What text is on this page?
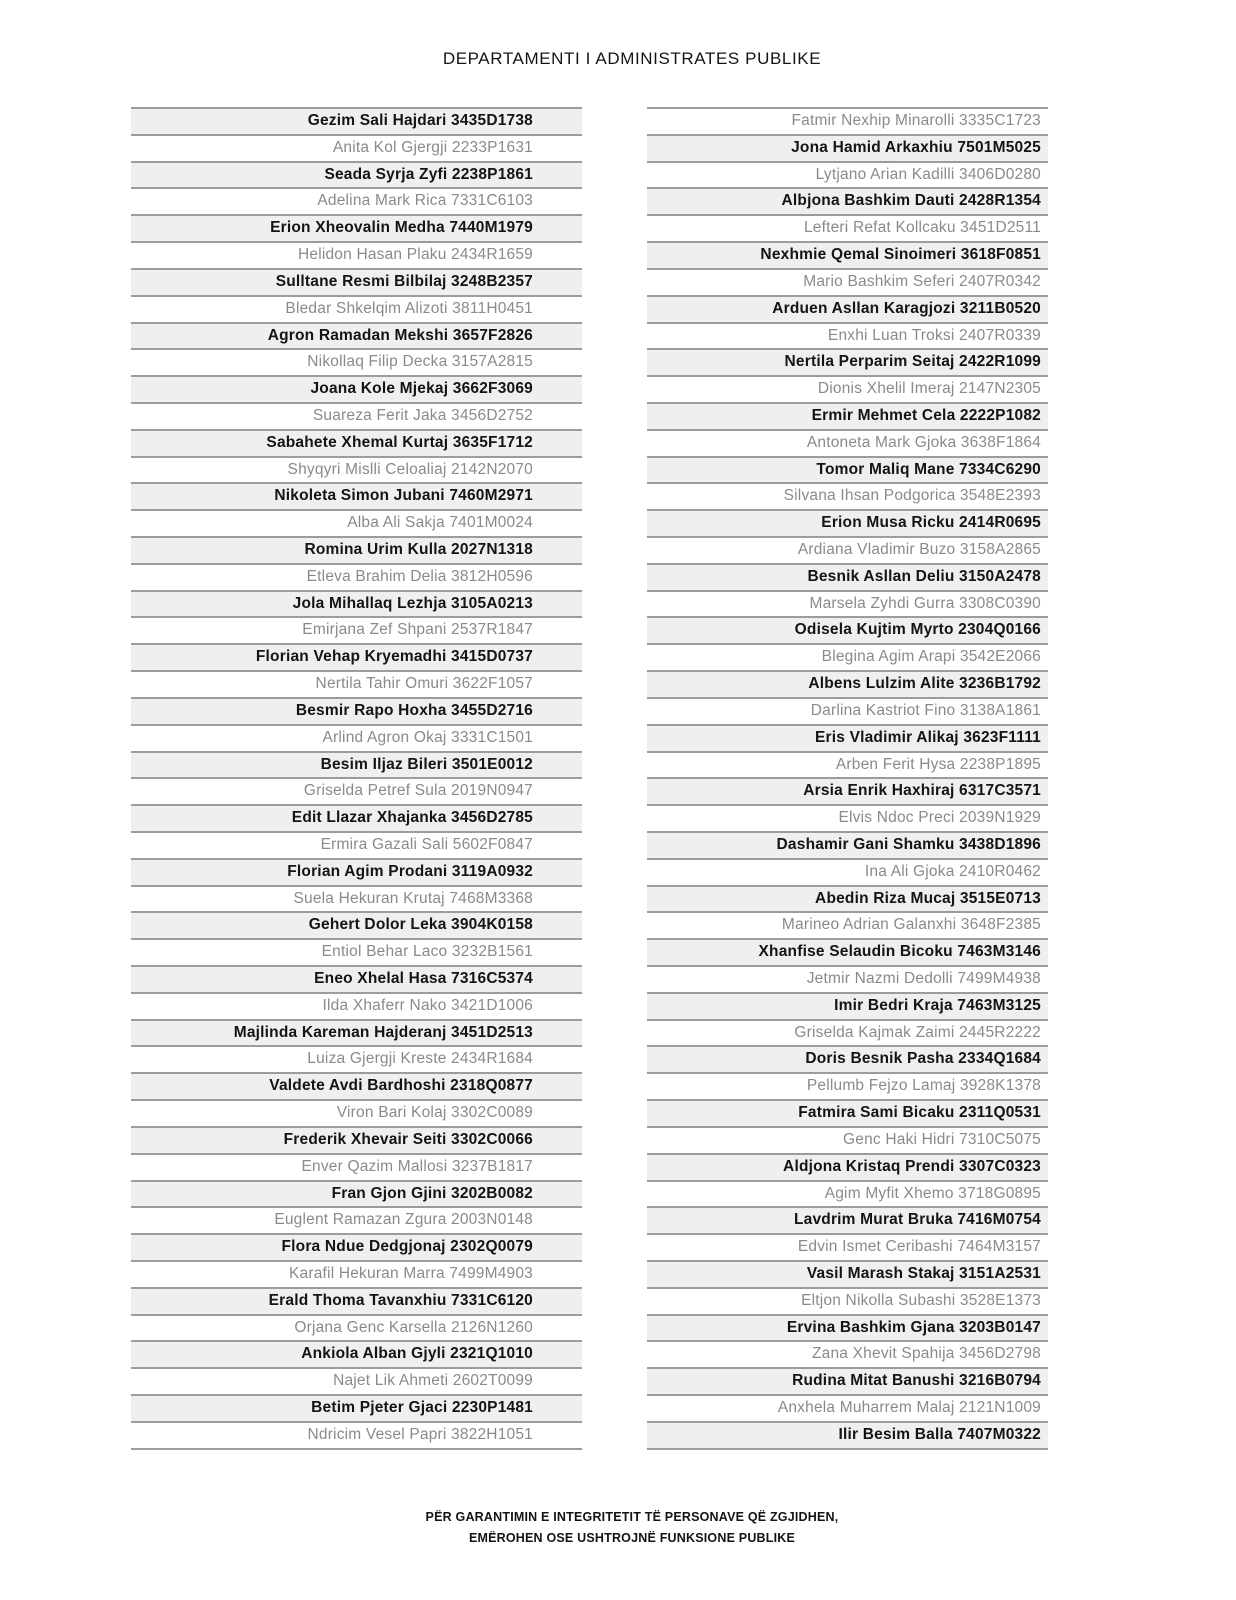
DEPARTAMENTI I ADMINISTRATES PUBLIKE
Gezim Sali Hajdari 3435D1738
Anita Kol Gjergji 2233P1631
Seada Syrja Zyfi 2238P1861
Adelina Mark Rica 7331C6103
Erion Xheovalin Medha 7440M1979
Helidon Hasan Plaku 2434R1659
Sulltane Resmi Bilbilaj 3248B2357
Bledar Shkelqim Alizoti 3811H0451
Agron Ramadan Mekshi 3657F2826
Nikollaq Filip Decka 3157A2815
Joana Kole Mjekaj 3662F3069
Suareza Ferit Jaka 3456D2752
Sabahete Xhemal Kurtaj 3635F1712
Shyqyri Mislli Celoaliaj 2142N2070
Nikoleta Simon Jubani 7460M2971
Alba Ali Sakja 7401M0024
Romina Urim Kulla 2027N1318
Etleva Brahim Delia 3812H0596
Jola Mihallaq Lezhja 3105A0213
Emirjana Zef Shpani 2537R1847
Florian Vehap Kryemadhi 3415D0737
Nertila Tahir Omuri 3622F1057
Besmir Rapo Hoxha 3455D2716
Arlind Agron Okaj 3331C1501
Besim Iljaz Bileri 3501E0012
Griselda Petref Sula 2019N0947
Edit Llazar Xhajanka 3456D2785
Ermira Gazali Sali 5602F0847
Florian Agim Prodani 3119A0932
Suela Hekuran Krutaj 7468M3368
Gehert Dolor Leka 3904K0158
Entiol Behar Laco 3232B1561
Eneo Xhelal Hasa 7316C5374
Ilda Xhaferr Nako 3421D1006
Majlinda Kareman Hajderanj 3451D2513
Luiza Gjergji Kreste 2434R1684
Valdete Avdi Bardhoshi 2318Q0877
Viron Bari Kolaj 3302C0089
Frederik Xhevair Seiti 3302C0066
Enver Qazim Mallosi 3237B1817
Fran Gjon Gjini 3202B0082
Euglent Ramazan Zgura 2003N0148
Flora Ndue Dedgjonaj 2302Q0079
Karafil Hekuran Marra 7499M4903
Erald Thoma Tavanxhiu 7331C6120
Orjana Genc Karsella 2126N1260
Ankiola Alban Gjyli 2321Q1010
Najet Lik Ahmeti 2602T0099
Betim Pjeter Gjaci 2230P1481
Ndricim Vesel Papri 3822H1051
Fatmir Nexhip Minarolli 3335C1723
Jona Hamid Arkaxhiu 7501M5025
Lytjano Arian Kadilli 3406D0280
Albjona Bashkim Dauti 2428R1354
Lefteri Refat Kollcaku 3451D2511
Nexhmie Qemal Sinoimeri 3618F0851
Mario Bashkim Seferi 2407R0342
Arduen Asllan Karagjozi 3211B0520
Enxhi Luan Troksi 2407R0339
Nertila Perparim Seitaj 2422R1099
Dionis Xhelil Imeraj 2147N2305
Ermir Mehmet Cela 2222P1082
Antoneta Mark Gjoka 3638F1864
Tomor Maliq Mane 7334C6290
Silvana Ihsan Podgorica 3548E2393
Erion Musa Ricku 2414R0695
Ardiana Vladimir Buzo 3158A2865
Besnik Asllan Deliu 3150A2478
Marsela Zyhdi Gurra 3308C0390
Odisela Kujtim Myrto 2304Q0166
Blegina Agim Arapi 3542E2066
Albens Lulzim Alite 3236B1792
Darlina Kastriot Fino 3138A1861
Eris Vladimir Alikaj 3623F1111
Arben Ferit Hysa 2238P1895
Arsia Enrik Haxhiraj 6317C3571
Elvis Ndoc Preci 2039N1929
Dashamir Gani Shamku 3438D1896
Ina Ali Gjoka 2410R0462
Abedin Riza Mucaj 3515E0713
Marineo Adrian Galanxhi 3648F2385
Xhanfise Selaudin Bicoku 7463M3146
Jetmir Nazmi Dedolli 7499M4938
Imir Bedri Kraja 7463M3125
Griselda Kajmak Zaimi 2445R2222
Doris Besnik Pasha 2334Q1684
Pellumb Fejzo Lamaj 3928K1378
Fatmira Sami Bicaku 2311Q0531
Genc Haki Hidri 7310C5075
Aldjona Kristaq Prendi 3307C0323
Agim Myfit Xhemo 3718G0895
Lavdrim Murat Bruka 7416M0754
Edvin Ismet Ceribashi 7464M3157
Vasil Marash Stakaj 3151A2531
Eltjon Nikolla Subashi 3528E1373
Ervina Bashkim Gjana 3203B0147
Zana Xhevit Spahija 3456D2798
Rudina Mitat Banushi 3216B0794
Anxhela Muharrem Malaj 2121N1009
Ilir Besim Balla 7407M0322
PËR GARANTIMIN E INTEGRITETIT TË PERSONAVE QË ZGJIDHEN,
EMËROHEN OSE USHTROJNË FUNKSIONE PUBLIKE
